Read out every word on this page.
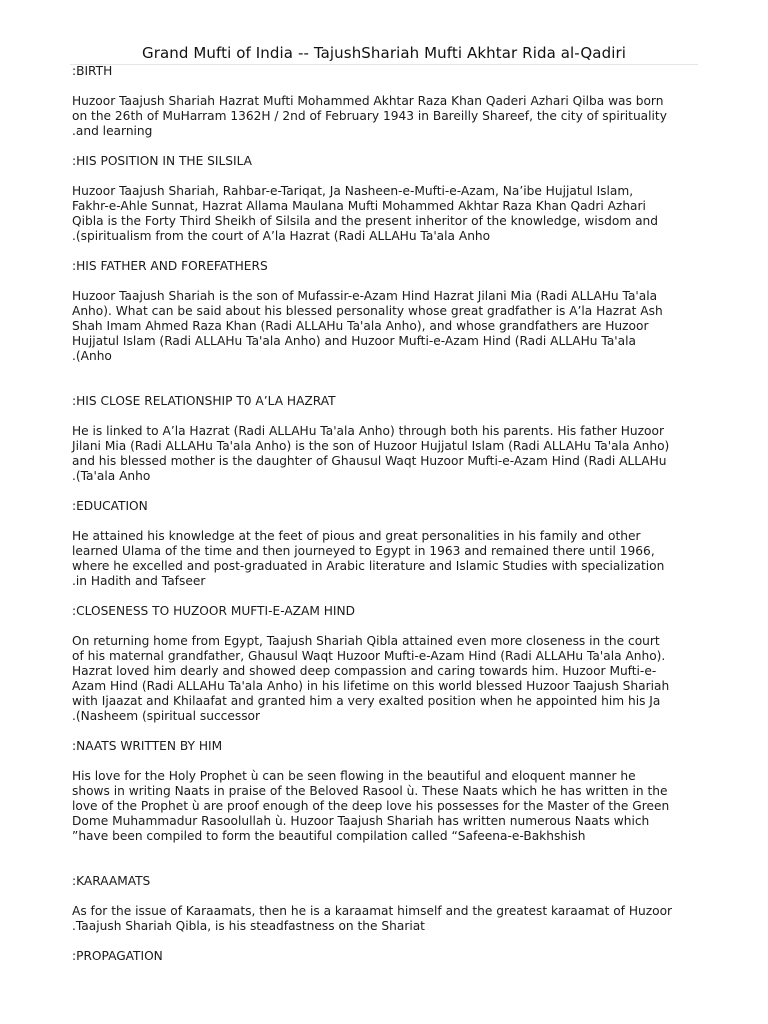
Grand Mufti of India -- TajushShariah Mufti Akhtar Rida al-Qadiri
:BIRTH
Huzoor Taajush Shariah Hazrat Mufti Mohammed Akhtar Raza Khan Qaderi Azhari Qilba was born
on the 26th of MuHarram 1362H / 2nd of February 1943 in Bareilly Shareef, the city of spirituality
.and learning
:HIS POSITION IN THE SILSILA
Huzoor Taajush Shariah, Rahbar-e-Tariqat, Ja Nasheen-e-Mufti-e-Azam, Na’ibe Hujjatul Islam,
Fakhr-e-Ahle Sunnat, Hazrat Allama Maulana Mufti Mohammed Akhtar Raza Khan Qadri Azhari
Qibla is the Forty Third Sheikh of Silsila and the present inheritor of the knowledge, wisdom and
.(spiritualism from the court of A’la Hazrat (Radi ALLAHu Ta'ala Anho
:HIS FATHER AND FOREFATHERS
Huzoor Taajush Shariah is the son of Mufassir-e-Azam Hind Hazrat Jilani Mia (Radi ALLAHu Ta'ala
Anho). What can be said about his blessed personality whose great gradfather is A’la Hazrat Ash
Shah Imam Ahmed Raza Khan (Radi ALLAHu Ta'ala Anho), and whose grandfathers are Huzoor
Hujjatul Islam (Radi ALLAHu Ta'ala Anho) and Huzoor Mufti-e-Azam Hind (Radi ALLAHu Ta'ala
.(Anho
:HIS CLOSE RELATIONSHIP T0 A’LA HAZRAT
He is linked to A’la Hazrat (Radi ALLAHu Ta'ala Anho) through both his parents. His father Huzoor
Jilani Mia (Radi ALLAHu Ta'ala Anho) is the son of Huzoor Hujjatul Islam (Radi ALLAHu Ta'ala Anho)
and his blessed mother is the daughter of Ghausul Waqt Huzoor Mufti-e-Azam Hind (Radi ALLAHu
.(Ta'ala Anho
:EDUCATION
He attained his knowledge at the feet of pious and great personalities in his family and other
learned Ulama of the time and then journeyed to Egypt in 1963 and remained there until 1966,
where he excelled and post-graduated in Arabic literature and Islamic Studies with specialization
.in Hadith and Tafseer
:CLOSENESS TO HUZOOR MUFTI-E-AZAM HIND
On returning home from Egypt, Taajush Shariah Qibla attained even more closeness in the court
of his maternal grandfather, Ghausul Waqt Huzoor Mufti-e-Azam Hind (Radi ALLAHu Ta'ala Anho).
Hazrat loved him dearly and showed deep compassion and caring towards him. Huzoor Mufti-e-
Azam Hind (Radi ALLAHu Ta'ala Anho) in his lifetime on this world blessed Huzoor Taajush Shariah
with Ijaazat and Khilaafat and granted him a very exalted position when he appointed him his Ja
.(Nasheem (spiritual successor
:NAATS WRITTEN BY HIM
His love for the Holy Prophet ù can be seen flowing in the beautiful and eloquent manner he
shows in writing Naats in praise of the Beloved Rasool ù. These Naats which he has written in the
love of the Prophet ù are proof enough of the deep love his possesses for the Master of the Green
Dome Muhammadur Rasoolullah ù. Huzoor Taajush Shariah has written numerous Naats which
”have been compiled to form the beautiful compilation called “Safeena-e-Bakhshish
:KARAAMATS
As for the issue of Karaamats, then he is a karaamat himself and the greatest karaamat of Huzoor
.Taajush Shariah Qibla, is his steadfastness on the Shariat
:PROPAGATION
